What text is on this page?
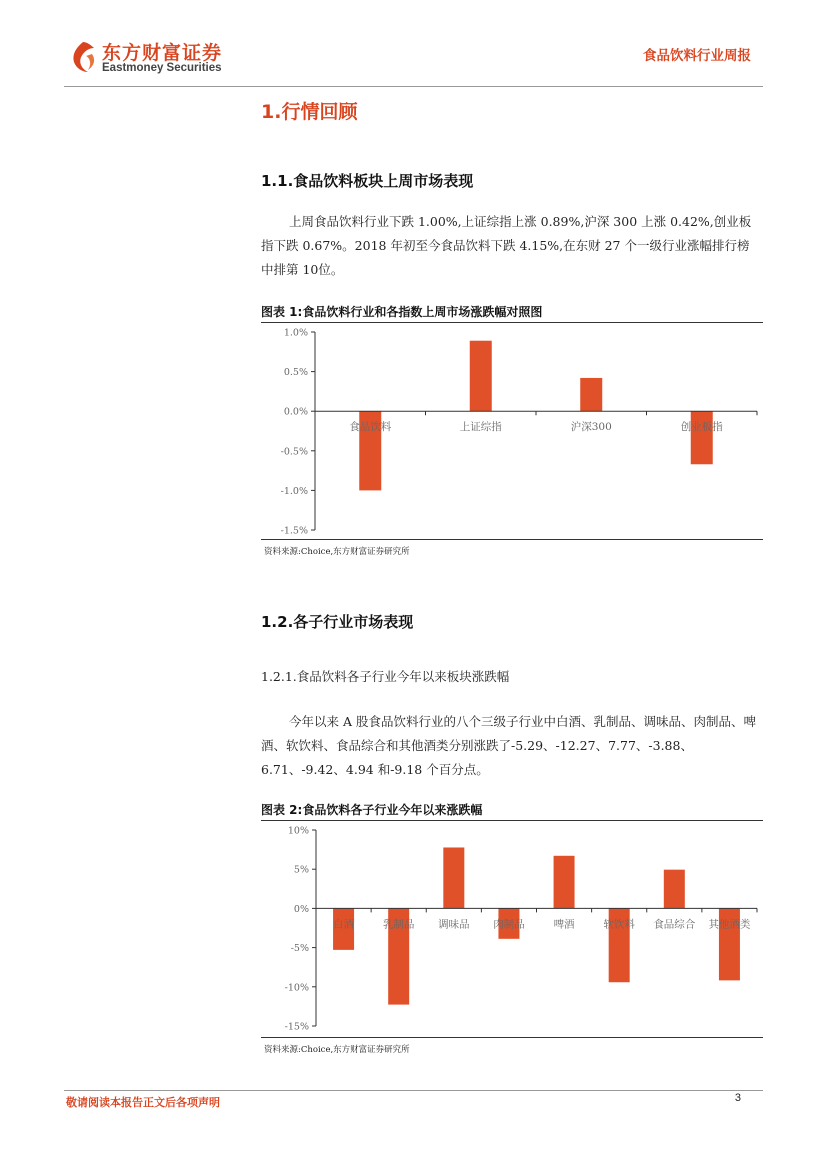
东方财富证券
Eastmoney Securities
食品饮料行业周报
1.行情回顾
1.1.食品饮料板块上周市场表现

上周食品饮料行业下跌 1.00%,上证综指上涨 0.89%,沪深 300 上涨 0.42%,创业板指下跌 0.67%。2018 年初至今食品饮料下跌 4.15%,在东财 27 个一级行业涨幅排行榜中排第 10位。

图表 1:食品饮料行业和各指数上周市场涨跌幅对照图
1.0%
0.5%
0.0%
-0.5%
-1.0%
-1.5%
食品饮料	上证综指	沪深300	创业板指
资料来源:Choice,东方财富证券研究所
1.2.各子行业市场表现
1.2.1.食品饮料各子行业今年以来板块涨跌幅

今年以来 A 股食品饮料行业的八个三级子行业中白酒、乳制品、调味品、肉制品、啤酒、软饮料、食品综合和其他酒类分别涨跌了-5.29、-12.27、7.77、-3.88、6.71、-9.42、4.94 和-9.18 个百分点。

图表 2:食品饮料各子行业今年以来涨跌幅
10%
5%
0%
-5%
-10%
-15%
白酒	乳制品 调味品 肉制品	啤酒	软饮料 食品综合 其他酒类
资料来源:Choice,东方财富证券研究所
敬请阅读本报告正文后各项声明	3
